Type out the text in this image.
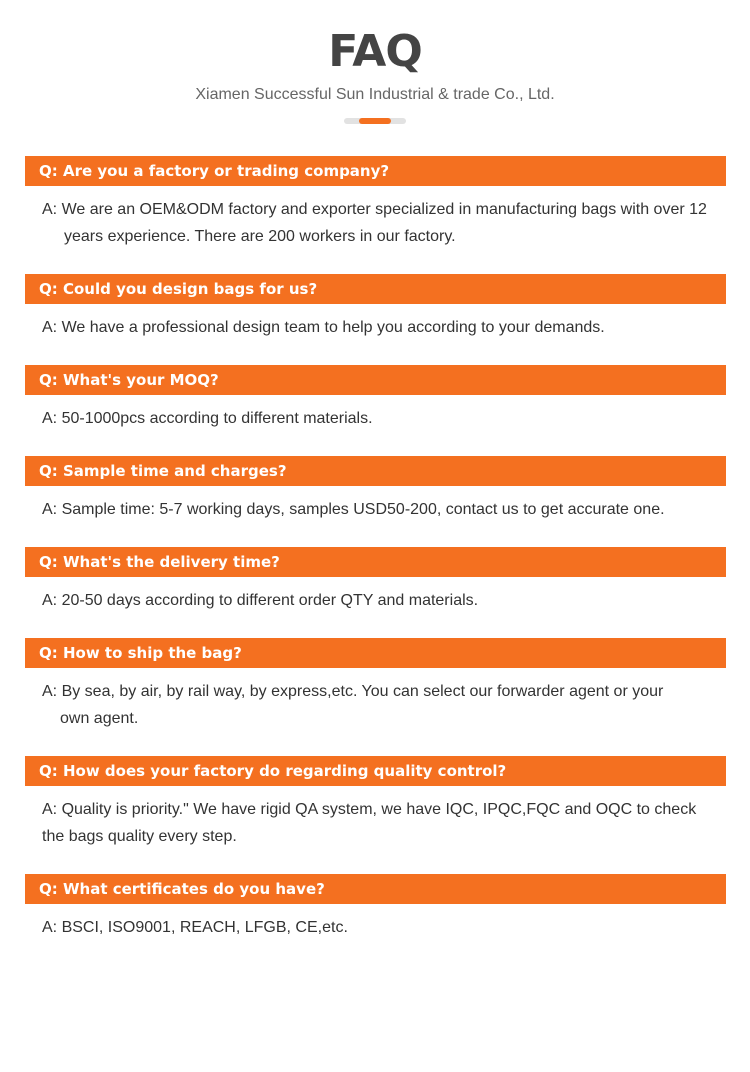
FAQ
Xiamen Successful Sun Industrial & trade Co., Ltd.
Q: Are you a factory or trading company?
A: We are an OEM&ODM factory and exporter specialized in manufacturing bags with over 12
years experience. There are 200 workers in our factory.
Q: Could you design bags for us?
A: We have a professional design team to help you according to your demands.
Q: What's your MOQ?
A: 50-1000pcs according to different materials.
Q: Sample time and charges?
A: Sample time: 5-7 working days, samples USD50-200, contact us to get accurate one.
Q: What's the delivery time?
A: 20-50 days according to different order QTY and materials.
Q: How to ship the bag?
A: By sea, by air, by rail way, by express,etc. You can select our forwarder agent or your
own agent.
Q: How does your factory do regarding quality control?
A: Quality is priority." We have rigid QA system, we have IQC, IPQC,FQC and OQC to check
the bags quality every step.
Q: What certificates do you have?
A: BSCI, ISO9001, REACH, LFGB, CE,etc.
